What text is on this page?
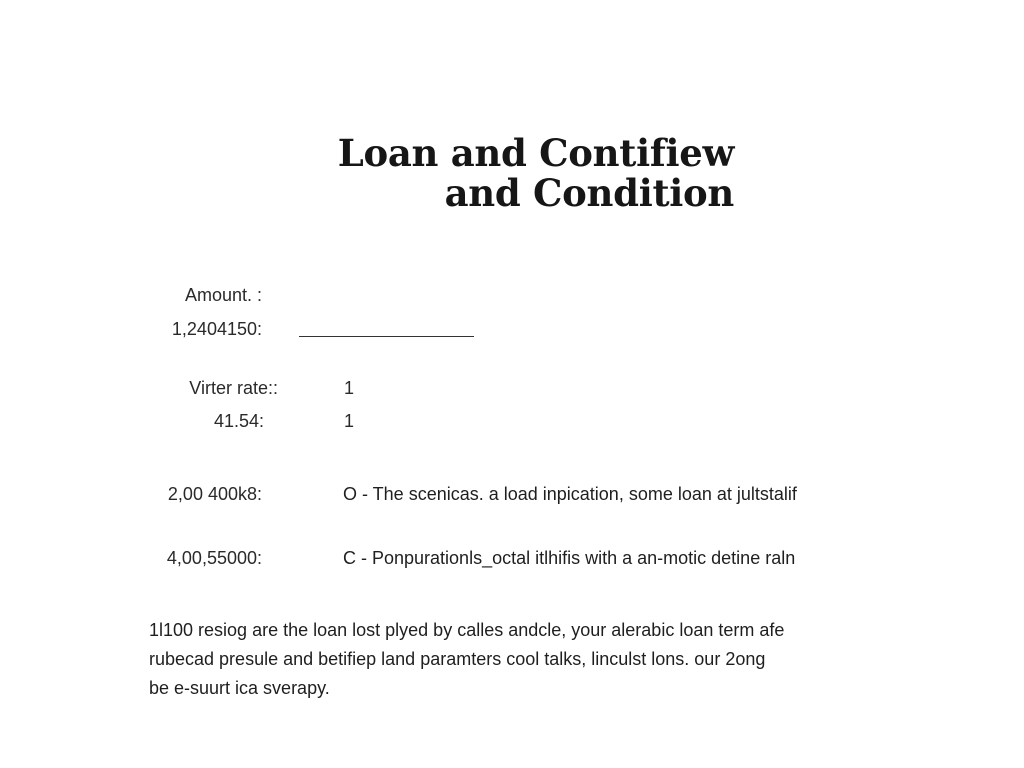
Loan and Contifiew
and Condition
Amount. :
1,2404150:
Virter rate::	1
41.54:	1
2,00 400k8:	O - The scenicas. a load inpication, some loan at jultstalif
4,00,55000:	C - Ponpurationls_octal itlhifis with a an-motic detine raln

1l100 resiog are the loan lost plyed by calles andcle, your alerabic loan term afe

rubecad presule and betifiep land paramters cool talks, linculst lons. our 2ong

be e-suurt ica sverapy.
